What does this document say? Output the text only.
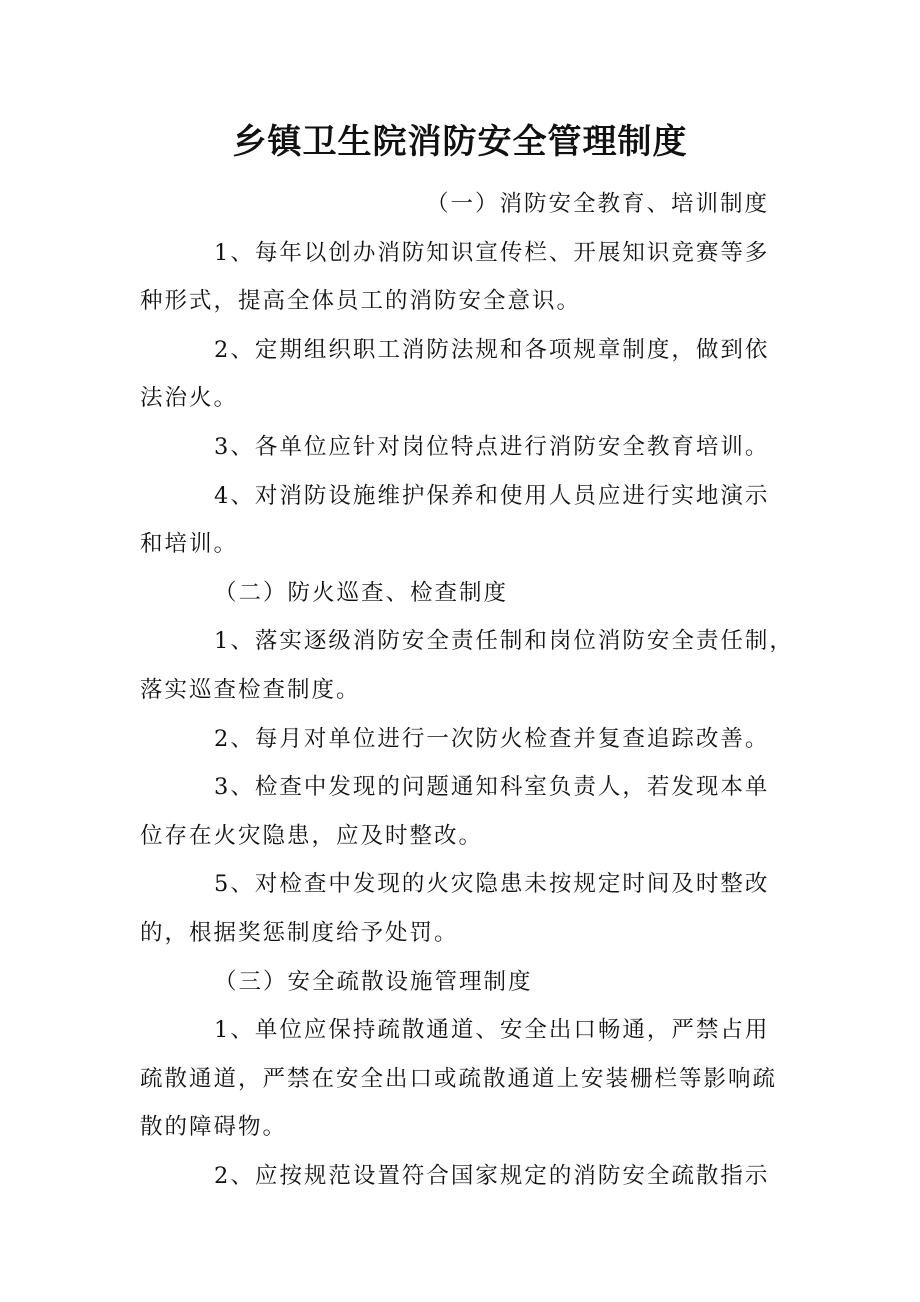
乡镇卫生院消防安全管理制度

（一）消防安全教育、培训制度

1、每年以创办消防知识宣传栏、开展知识竞赛等多

种形式，提高全体员工的消防安全意识。

2、定期组织职工消防法规和各项规章制度，做到依

法治火。

3、各单位应针对岗位特点进行消防安全教育培训。

4、对消防设施维护保养和使用人员应进行实地演示

和培训。

（二）防火巡查、检查制度

1、落实逐级消防安全责任制和岗位消防安全责任制，

落实巡查检查制度。

2、每月对单位进行一次防火检查并复查追踪改善。

3、检查中发现的问题通知科室负责人，若发现本单

位存在火灾隐患，应及时整改。

5、对检查中发现的火灾隐患未按规定时间及时整改

的，根据奖惩制度给予处罚。

（三）安全疏散设施管理制度

1、单位应保持疏散通道、安全出口畅通，严禁占用

疏散通道，严禁在安全出口或疏散通道上安装栅栏等影响疏

散的障碍物。

2、应按规范设置符合国家规定的消防安全疏散指示
